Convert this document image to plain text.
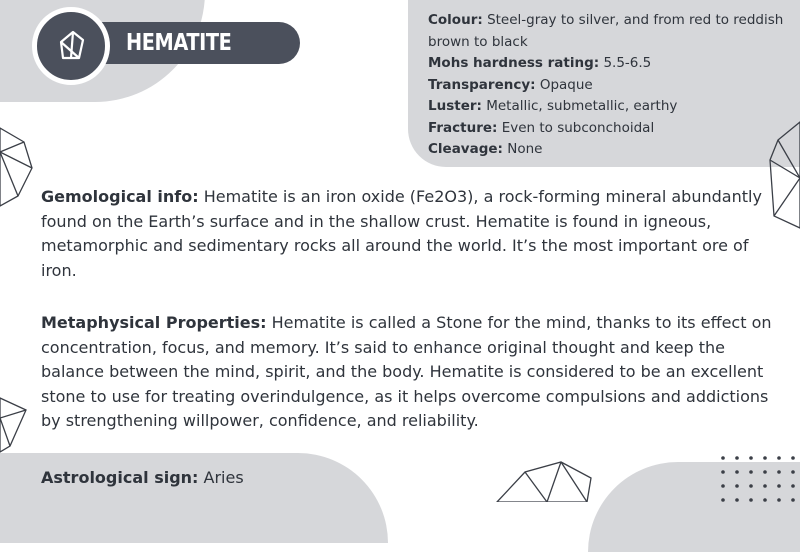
HEMATITE
Colour: Steel-gray to silver, and from red to reddish brown to black
Mohs hardness rating: 5.5-6.5
Transparency: Opaque
Luster: Metallic, submetallic, earthy
Fracture: Even to subconchoidal
Cleavage: None

Gemological info: Hematite is an iron oxide (Fe2O3), a rock-forming mineral abundantly found on the Earth’s surface and in the shallow crust. Hematite is found in igneous, metamorphic and sedimentary rocks all around the world. It’s the most important ore of iron.

Metaphysical Properties: Hematite is called a Stone for the mind, thanks to its effect on concentration, focus, and memory. It’s said to enhance original thought and keep the balance between the mind, spirit, and the body. Hematite is considered to be an excellent stone to use for treating overindulgence, as it helps overcome compulsions and addictions by strengthening willpower, confidence, and reliability.

Astrological sign: Aries
